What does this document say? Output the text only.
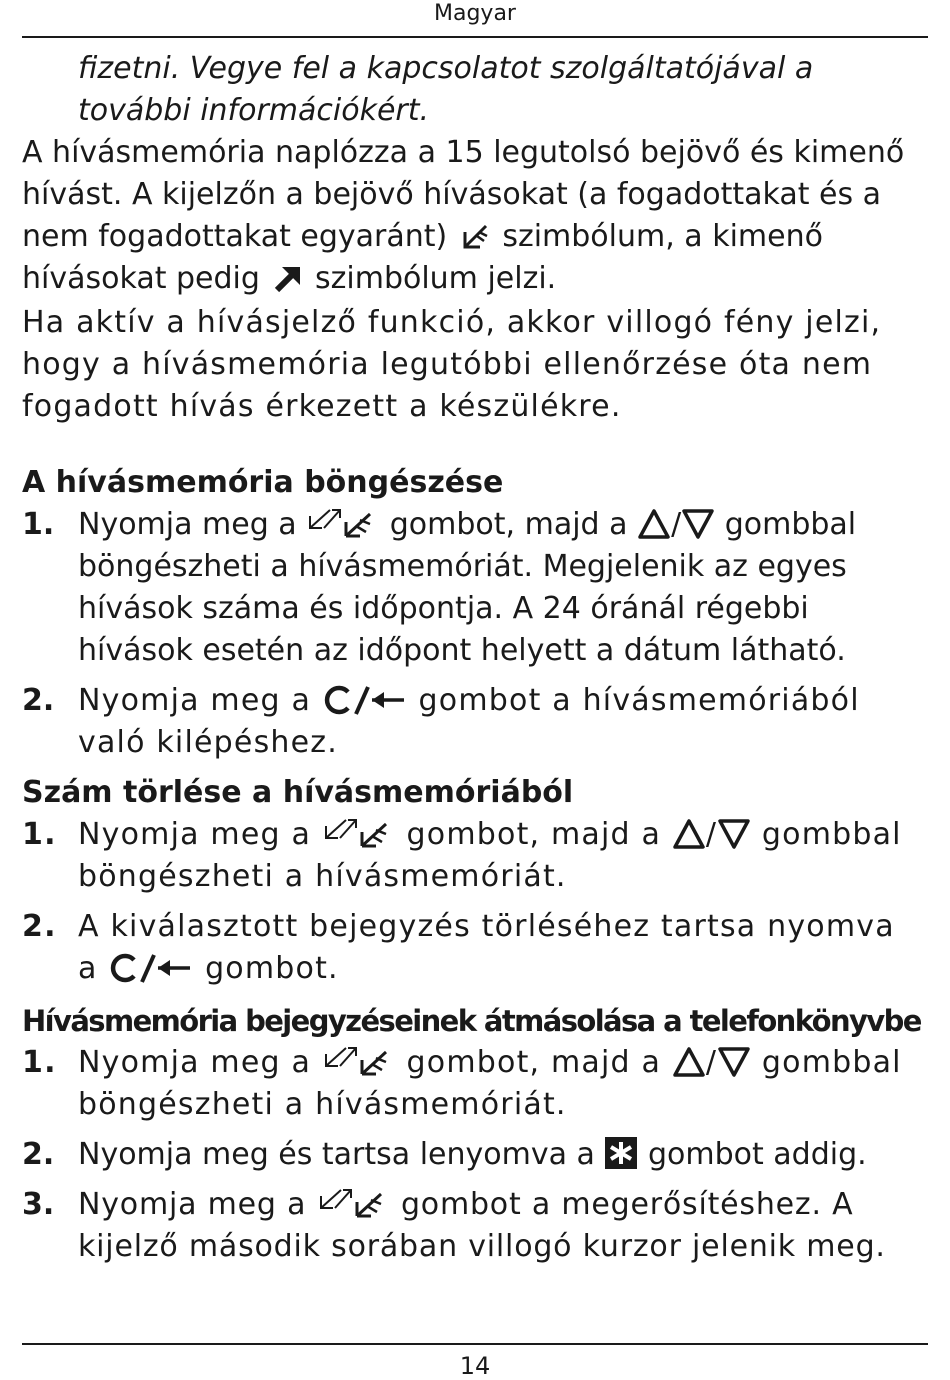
Magyar

fizetni. Vegye fel a kapcsolatot szolgáltatójával a további információkért.

A hívásmemória naplózza a 15 legutolsó bejövő és kimenő hívást. A kijelzőn a bejövő hívásokat (a fogadottakat és a nem fogadottakat egyaránt)
szimbólum, a kimenő hívásokat pedig
szimbólum jelzi.

Ha aktív a hívásjelző funkció, akkor villogó fény jelzi, hogy a hívásmemória legutóbbi ellenőrzése óta nem fogadott hívás érkezett a készülékre.

A hívásmemória böngészése
1. Nyomja meg a
gombot, majd a
/
gombbal böngészheti a hívásmemóriát. Megjelenik az egyes hívások száma és időpontja. A 24 óránál régebbi hívások esetén az időpont helyett a dátum látható.
2. Nyomja meg a	gombot a hívásmemóriából való kilépéshez.
Szám törlése a hívásmemóriából
1. Nyomja meg a
gombot, majd a
/
gombbal böngészheti a hívásmemóriát.
2. A kiválasztott bejegyzés törléséhez tartsa nyomva a	gombot.
Hívásmemória bejegyzéseinek átmásolása a telefonkönyvbe
1. Nyomja meg a
gombot, majd a
/
gombbal böngészheti a hívásmemóriát.
2. Nyomja meg és tartsa lenyomva a
gombot addig.
3. Nyomja meg a
gombot a megerősítéshez. A kijelző második sorában villogó kurzor jelenik meg.
14
